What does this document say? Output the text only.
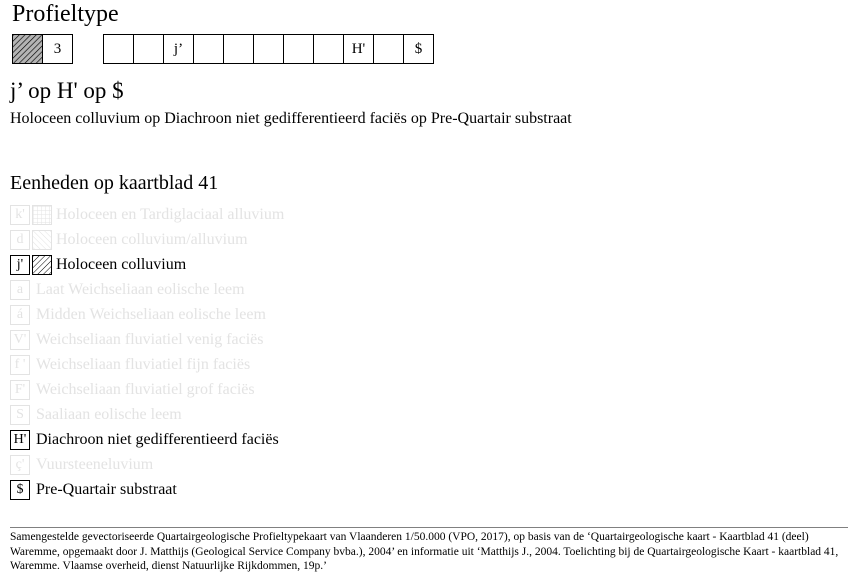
Profieltype
3	j’	H'	$
j’ op H' op $
Holoceen colluvium op Diachroon niet gedifferentieerd faciës op Pre-Quartair substraat
Eenheden op kaartblad 41
k'	Holoceen en Tardiglaciaal alluvium
d	Holoceen colluvium/alluvium
j'	Holoceen colluvium
a Laat Weichseliaan eolische leem
á Midden Weichseliaan eolische leem
V' Weichseliaan fluviatiel venig faciës
f ' Weichseliaan fluviatiel fijn faciës
F' Weichseliaan fluviatiel grof faciës
S Saaliaan eolische leem
H' Diachroon niet gedifferentieerd faciës
ç' Vuursteeneluvium
$ Pre-Quartair substraat
Samengestelde gevectoriseerde Quartairgeologische Profieltypekaart van Vlaanderen 1/50.000 (VPO, 2017), op basis van de ‘Quartairgeologische kaart - Kaartblad 41 (deel) Waremme, opgemaakt door J. Matthijs (Geological Service Company bvba.), 2004’ en informatie uit ‘Matthijs J., 2004. Toelichting bij de Quartairgeologische Kaart - kaartblad 41, Waremme. Vlaamse overheid, dienst Natuurlijke Rijkdommen, 19p.’
